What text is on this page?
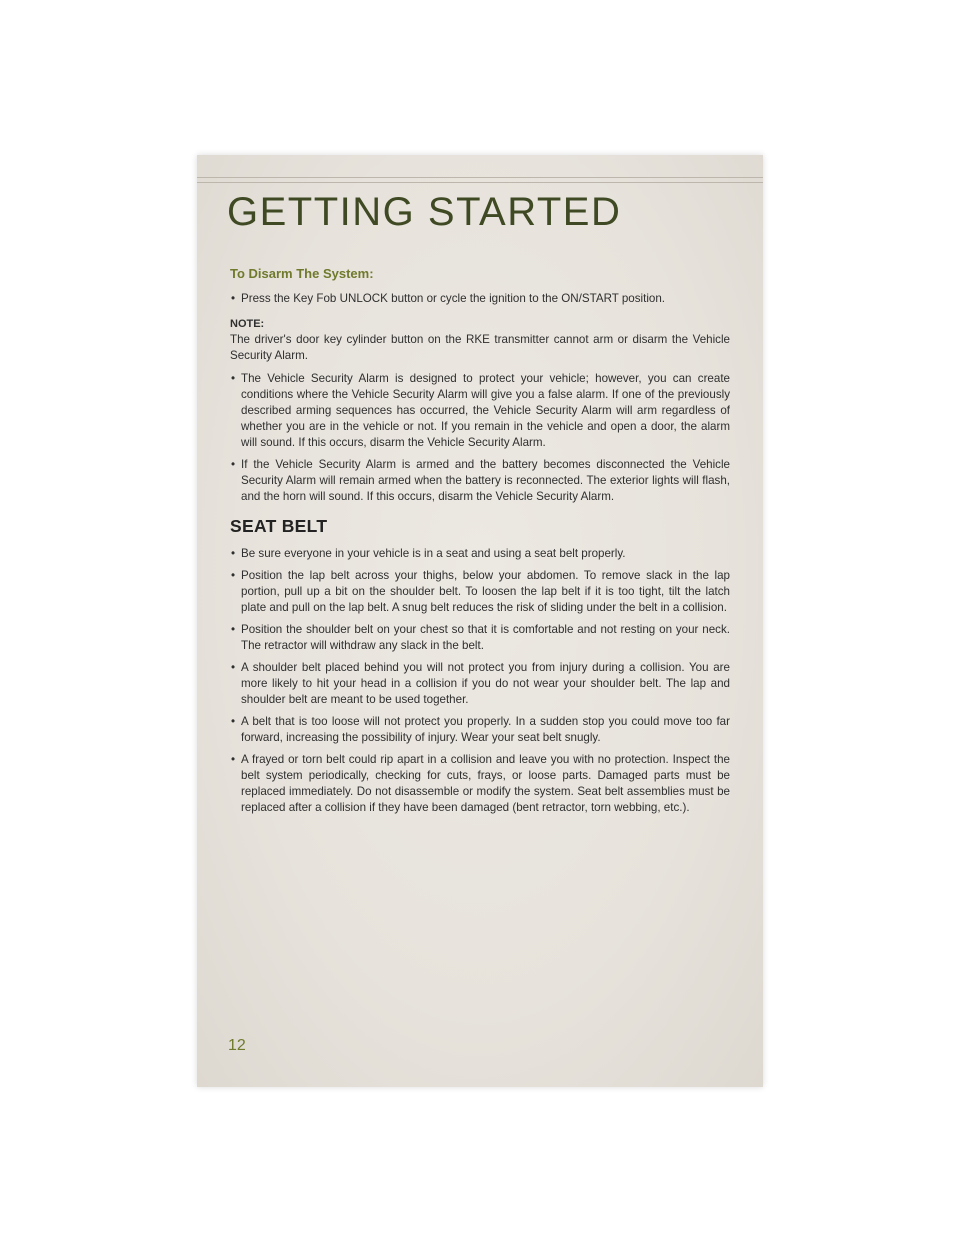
GETTING STARTED
To Disarm The System:
• Press the Key Fob UNLOCK button or cycle the ignition to the ON/START position.
NOTE:
The driver's door key cylinder button on the RKE transmitter cannot arm or disarm the Vehicle Security Alarm.
• The Vehicle Security Alarm is designed to protect your vehicle; however, you can create conditions where the Vehicle Security Alarm will give you a false alarm. If one of the previously described arming sequences has occurred, the Vehicle Security Alarm will arm regardless of whether you are in the vehicle or not. If you remain in the vehicle and open a door, the alarm will sound. If this occurs, disarm the Vehicle Security Alarm.
• If the Vehicle Security Alarm is armed and the battery becomes disconnected the Vehicle Security Alarm will remain armed when the battery is reconnected. The exterior lights will flash, and the horn will sound. If this occurs, disarm the Vehicle Security Alarm.
SEAT BELT
• Be sure everyone in your vehicle is in a seat and using a seat belt properly.
• Position the lap belt across your thighs, below your abdomen. To remove slack in the lap portion, pull up a bit on the shoulder belt. To loosen the lap belt if it is too tight, tilt the latch plate and pull on the lap belt. A snug belt reduces the risk of sliding under the belt in a collision.
• Position the shoulder belt on your chest so that it is comfortable and not resting on your neck. The retractor will withdraw any slack in the belt.
• A shoulder belt placed behind you will not protect you from injury during a collision. You are more likely to hit your head in a collision if you do not wear your shoulder belt. The lap and shoulder belt are meant to be used together.
• A belt that is too loose will not protect you properly. In a sudden stop you could move too far forward, increasing the possibility of injury. Wear your seat belt snugly.
• A frayed or torn belt could rip apart in a collision and leave you with no protection. Inspect the belt system periodically, checking for cuts, frays, or loose parts. Damaged parts must be replaced immediately. Do not disassemble or modify the system. Seat belt assemblies must be replaced after a collision if they have been damaged (bent retractor, torn webbing, etc.).
12
